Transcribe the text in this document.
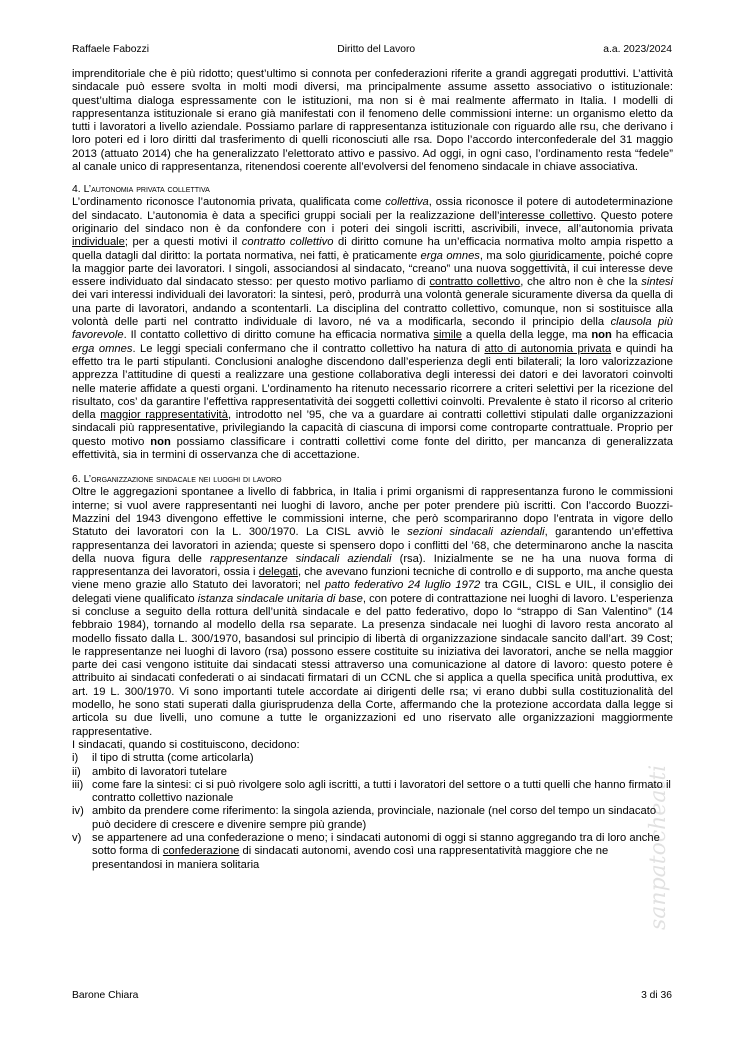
Raffaele Fabozzi	Diritto del Lavoro	a.a. 2023/2024
sanpatocheatti

imprenditoriale che è più ridotto; quest’ultimo si connota per confederazioni riferite a grandi aggregati produttivi. L’attività sindacale può essere svolta in molti modi diversi, ma principalmente assume assetto associativo o istituzionale: quest’ultima dialoga espressamente con le istituzioni, ma non si è mai realmente affermato in Italia. I modelli di rappresentanza istituzionale si erano già manifestati con il fenomeno delle commissioni interne: un organismo eletto da tutti i lavoratori a livello aziendale. Possiamo parlare di rappresentanza istituzionale con riguardo alle rsu, che derivano i loro poteri ed i loro diritti dal trasferimento di quelli riconosciuti alle rsa. Dopo l’accordo interconfederale del 31 maggio 2013 (attuato 2014) che ha generalizzato l’elettorato attivo e passivo. Ad oggi, in ogni caso, l’ordinamento resta “fedele” al canale unico di rappresentanza, ritenendosi coerente all’evolversi del fenomeno sindacale in chiave associativa.

4. L’autonomia privata collettiva

L’ordinamento riconosce l’autonomia privata, qualificata come collettiva, ossia riconosce il potere di autodeterminazione del sindacato. L’autonomia è data a specifici gruppi sociali per la realizzazione dell’interesse collettivo. Questo potere originario del sindaco non è da confondere con i poteri dei singoli iscritti, ascrivibili, invece, all’autonomia privata individuale; per a questi motivi il contratto collettivo di diritto comune ha un’efficacia normativa molto ampia rispetto a quella datagli dal diritto: la portata normativa, nei fatti, è praticamente erga omnes, ma solo giuridicamente, poiché copre la maggior parte dei lavoratori. I singoli, associandosi al sindacato, “creano” una nuova soggettività, il cui interesse deve essere individuato dal sindacato stesso: per questo motivo parliamo di contratto collettivo, che altro non è che la sintesi dei vari interessi individuali dei lavoratori: la sintesi, però, produrrà una volontà generale sicuramente diversa da quella di una parte di lavoratori, andando a scontentarli. La disciplina del contratto collettivo, comunque, non si sostituisce alla volontà delle parti nel contratto individuale di lavoro, né va a modificarla, secondo il principio della clausola più favorevole. Il contatto collettivo di diritto comune ha efficacia normativa simile a quella della legge, ma non ha efficacia erga omnes. Le leggi speciali confermano che il contratto collettivo ha natura di atto di autonomia privata e quindi ha effetto tra le parti stipulanti. Conclusioni analoghe discendono dall’esperienza degli enti bilaterali; la loro valorizzazione apprezza l’attitudine di questi a realizzare una gestione collaborativa degli interessi dei datori e dei lavoratori coinvolti nelle materie affidate a questi organi. L’ordinamento ha ritenuto necessario ricorrere a criteri selettivi per la ricezione del risultato, cos’ da garantire l’effettiva rappresentatività dei soggetti collettivi coinvolti. Prevalente è stato il ricorso al criterio della maggior rappresentatività, introdotto nel ’95, che va a guardare ai contratti collettivi stipulati dalle organizzazioni sindacali più rappresentative, privilegiando la capacità di ciascuna di imporsi come controparte contrattuale. Proprio per questo motivo non possiamo classificare i contratti collettivi come fonte del diritto, per mancanza di generalizzata effettività, sia in termini di osservanza che di accettazione.

6. L’organizzazione sindacale nei luoghi di lavoro

Oltre le aggregazioni spontanee a livello di fabbrica, in Italia i primi organismi di rappresentanza furono le commissioni interne; si vuol avere rappresentanti nei luoghi di lavoro, anche per poter prendere più iscritti. Con l’accordo Buozzi-Mazzini del 1943 divengono effettive le commissioni interne, che però scompariranno dopo l’entrata in vigore dello Statuto dei lavoratori con la L. 300/1970. La CISL avviò le sezioni sindacali aziendali, garantendo un’effettiva rappresentanza dei lavoratori in azienda; queste si spensero dopo i conflitti del ’68, che determinarono anche la nascita della nuova figura delle rappresentanze sindacali aziendali (rsa). Inizialmente se ne ha una nuova forma di rappresentanza dei lavoratori, ossia i delegati, che avevano funzioni tecniche di controllo e di supporto, ma anche questa viene meno grazie allo Statuto dei lavoratori; nel patto federativo 24 luglio 1972 tra CGIL, CISL e UIL, il consiglio dei delegati viene qualificato istanza sindacale unitaria di base, con potere di contrattazione nei luoghi di lavoro. L’esperienza si concluse a seguito della rottura dell’unità sindacale e del patto federativo, dopo lo “strappo di San Valentino” (14 febbraio 1984), tornando al modello della rsa separate. La presenza sindacale nei luoghi di lavoro resta ancorato al modello fissato dalla L. 300/1970, basandosi sul principio di libertà di organizzazione sindacale sancito dall’art. 39 Cost; le rappresentanze nei luoghi di lavoro (rsa) possono essere costituite su iniziativa dei lavoratori, anche se nella maggior parte dei casi vengono istituite dai sindacati stessi attraverso una comunicazione al datore di lavoro: questo potere è attribuito ai sindacati confederati o ai sindacati firmatari di un CCNL che si applica a quella specifica unità produttiva, ex art. 19 L. 300/1970. Vi sono importanti tutele accordate ai dirigenti delle rsa; vi erano dubbi sulla costituzionalità del modello, he sono stati superati dalla giurisprudenza della Corte, affermando che la protezione accordata dalla legge si articola su due livelli, uno comune a tutte le organizzazioni ed uno riservato alle organizzazioni maggiormente rappresentative.

I sindacati, quando si costituiscono, decidono:

i)	il tipo di strutta (come articolarla)
ii)	ambito di lavoratori tutelare
iii) come fare la sintesi: ci si può rivolgere solo agli iscritti, a tutti i lavoratori del settore o a tutti quelli che hanno firmato il contratto collettivo nazionale
iv) ambito da prendere come riferimento: la singola azienda, provinciale, nazionale (nel corso del tempo un sindacato può decidere di crescere e divenire sempre più grande)
v) se appartenere ad una confederazione o meno; i sindacati autonomi di oggi si stanno aggregando tra di loro anche sotto forma di confederazione di sindacati autonomi, avendo così una rappresentatività maggiore che ne presentandosi in maniera solitaria
Barone Chiara	3 di 36
